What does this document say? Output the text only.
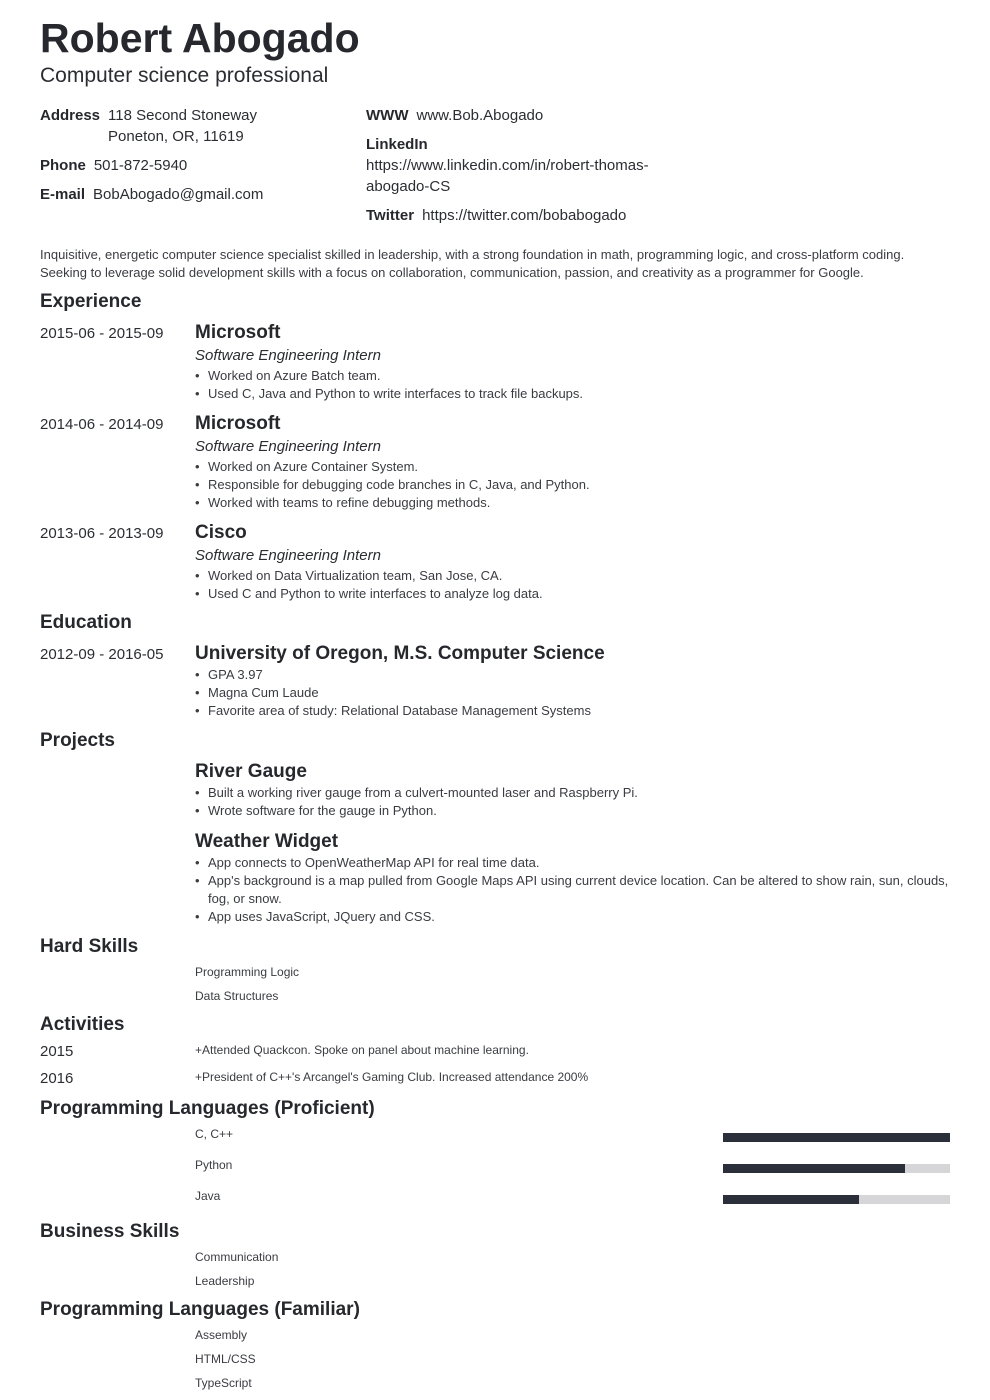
Robert Abogado
Computer science professional
Address 118 Second Stoneway
Poneton, OR, 11619
Phone 501-872-5940
E-mail BobAbogado@gmail.com
WWW www.Bob.Abogado
LinkedIn
https://www.linkedin.com/in/robert-thomas-abogado-CS
Twitter https://twitter.com/bobabogado
Inquisitive, energetic computer science specialist skilled in leadership, with a strong foundation in math, programming logic, and cross-platform coding. Seeking to leverage solid development skills with a focus on collaboration, communication, passion, and creativity as a programmer for Google.
Experience
2015-06 - 2015-09 Microsoft
Software Engineering Intern
• Worked on Azure Batch team.
• Used C, Java and Python to write interfaces to track file backups.
2014-06 - 2014-09 Microsoft
Software Engineering Intern
• Worked on Azure Container System.
• Responsible for debugging code branches in C, Java, and Python.
• Worked with teams to refine debugging methods.
2013-06 - 2013-09 Cisco
Software Engineering Intern
• Worked on Data Virtualization team, San Jose, CA.
• Used C and Python to write interfaces to analyze log data.
Education
2012-09 - 2016-05 University of Oregon, M.S. Computer Science
• GPA 3.97
• Magna Cum Laude
• Favorite area of study: Relational Database Management Systems
Projects
River Gauge
• Built a working river gauge from a culvert-mounted laser and Raspberry Pi.
• Wrote software for the gauge in Python.
Weather Widget
• App connects to OpenWeatherMap API for real time data.
• App's background is a map pulled from Google Maps API using current device location. Can be altered to show rain, sun, clouds, fog, or snow.
• App uses JavaScript, JQuery and CSS.
Hard Skills
Programming Logic
Data Structures
Activities
2015	+Attended Quackcon. Spoke on panel about machine learning.
2016	+President of C++'s Arcangel's Gaming Club. Increased attendance 200%
Programming Languages (Proficient)
C, C++
Python
Java
Business Skills
Communication
Leadership
Programming Languages (Familiar)
Assembly
HTML/CSS
TypeScript
